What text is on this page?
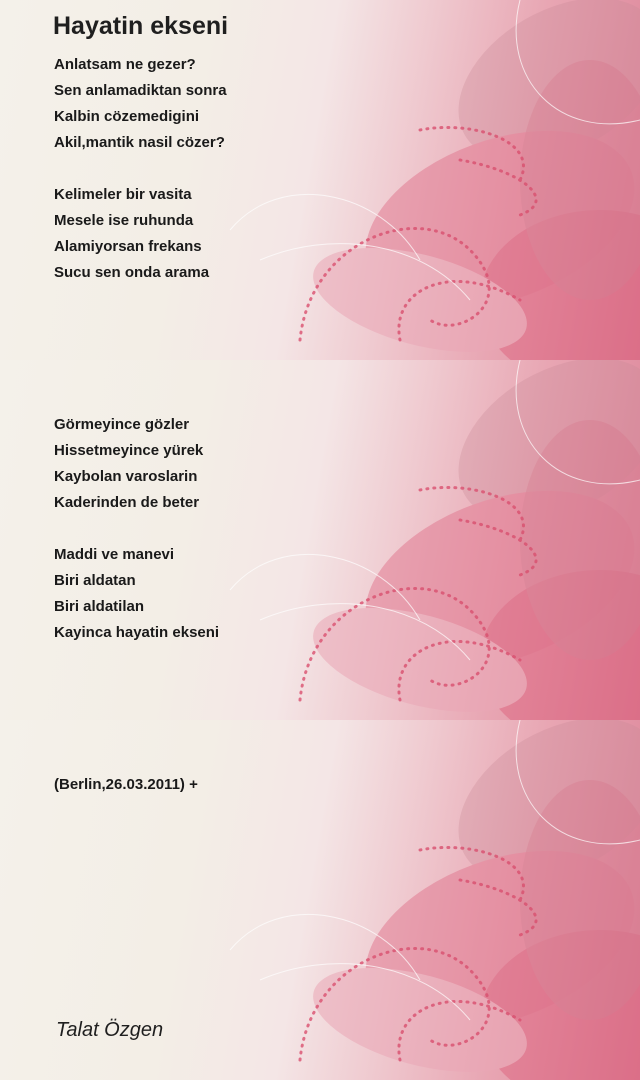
Hayatin ekseni
Anlatsam ne gezer?
Sen anlamadiktan sonra
Kalbin cözemedigini
Akil,mantik nasil cözer?
Kelimeler bir vasita
Mesele ise ruhunda
Alamiyorsan frekans
Sucu sen onda arama
Görmeyince gözler
Hissetmeyince yürek
Kaybolan varoslarin
Kaderinden de beter
Maddi ve manevi
Biri aldatan
Biri aldatilan
Kayinca hayatin ekseni

(Berlin,26.03.2011) +

Talat Özgen
